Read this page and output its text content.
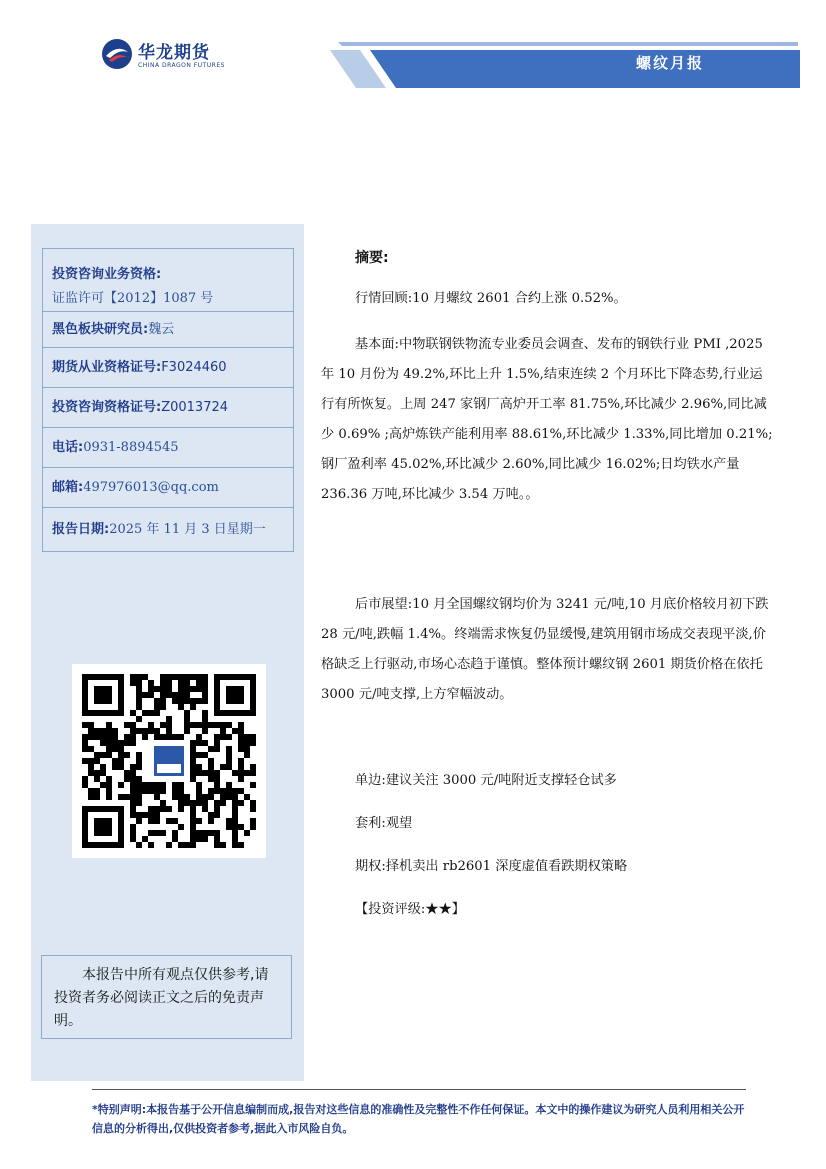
华龙期货
CHINA DRAGON FUTURES	螺纹月报
投资咨询业务资格:
证监许可【2012】1087 号
黑色板块研究员:魏云
期货从业资格证号:F3024460
投资咨询资格证号:Z0013724
电话:0931-8894545
邮箱:497976013@qq.com
报告日期:2025 年 11 月 3 日星期一
本报告中所有观点仅供参考,请投资者务必阅读正文之后的免责声明。
摘要:
行情回顾:10 月螺纹 2601 合约上涨 0.52%。
基本面:中物联钢铁物流专业委员会调查、发布的钢铁行业 PMI ,2025 年 10 月份为 49.2%,环比上升 1.5%,结束连续 2 个月环比下降态势,行业运行有所恢复。上周 247 家钢厂高炉开工率 81.75%,环比减少 2.96%,同比减少 0.69% ;高炉炼铁产能利用率 88.61%,环比减少 1.33%,同比增加 0.21%;钢厂盈利率 45.02%,环比减少 2.60%,同比减少 16.02%;日均铁水产量 236.36 万吨,环比减少 3.54 万吨。。
后市展望:10 月全国螺纹钢均价为 3241 元/吨,10 月底价格较月初下跌 28 元/吨,跌幅 1.4%。终端需求恢复仍显缓慢,建筑用钢市场成交表现平淡,价格缺乏上行驱动,市场心态趋于谨慎。整体预计螺纹钢 2601 期货价格在依托 3000 元/吨支撑,上方窄幅波动。
单边:建议关注 3000 元/吨附近支撑轻仓试多
套利:观望
期权:择机卖出 rb2601 深度虚值看跌期权策略
【投资评级:★★】
*特别声明:本报告基于公开信息编制而成,报告对这些信息的准确性及完整性不作任何保证。本文中的操作建议为研究人员利用相关公开信息的分析得出,仅供投资者参考,据此入市风险自负。
